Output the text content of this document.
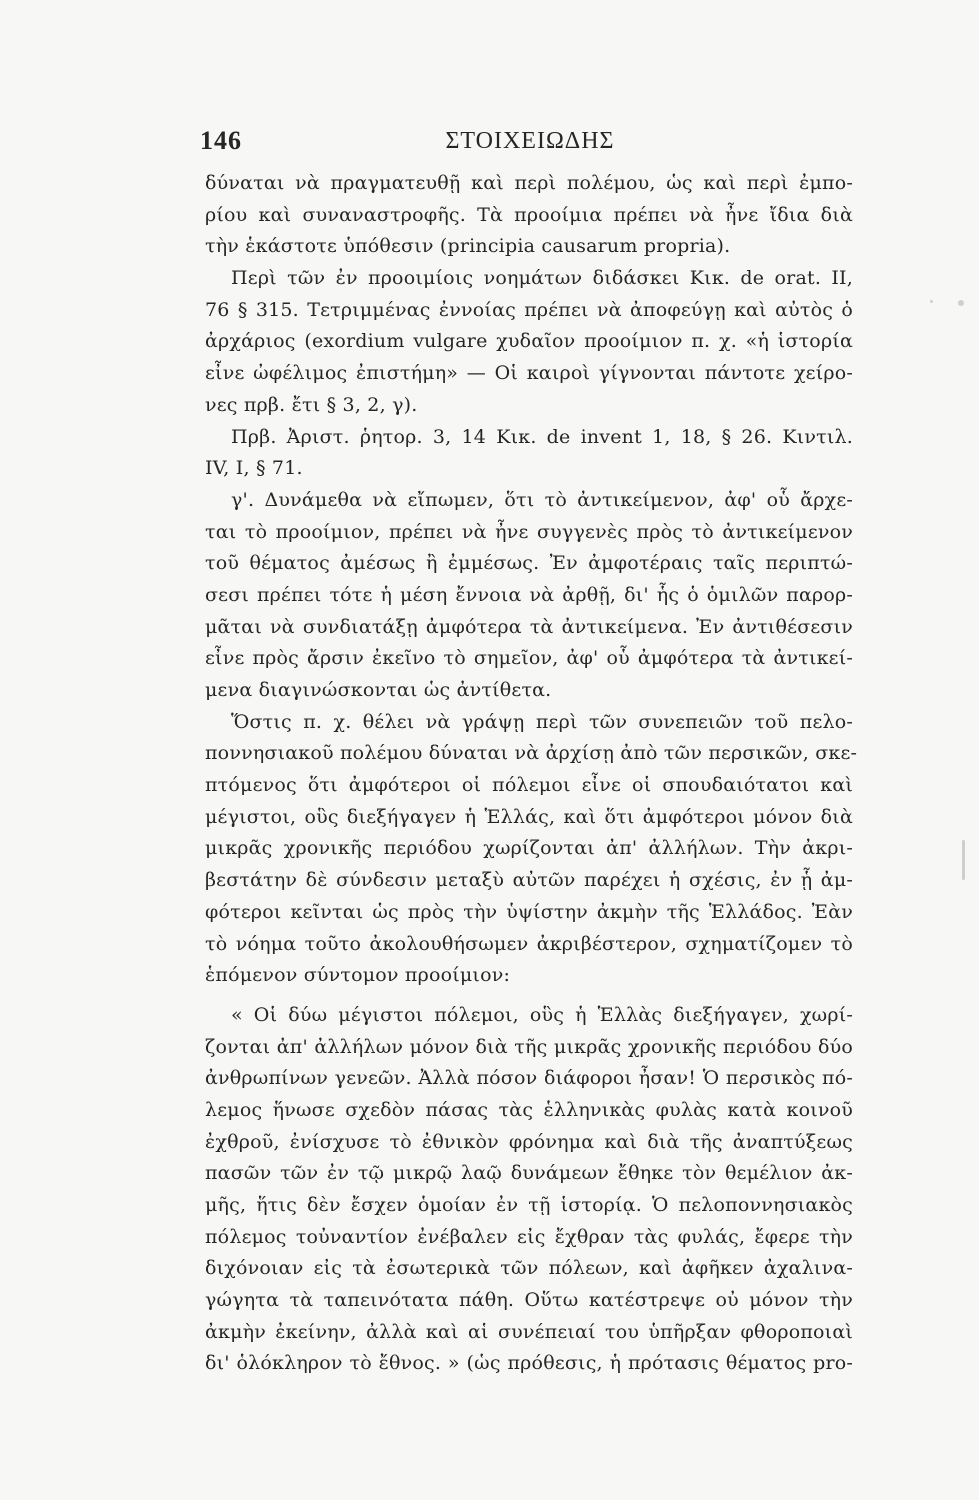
146	ΣΤΟΙΧΕΙΩΔΗΣ
δύναται νὰ πραγματευθῇ καὶ περὶ πολέμου, ὡς καὶ περὶ ἐμπο-
ρίου καὶ συναναστροφῆς. Τὰ προοίμια πρέπει νὰ ἦνε ἴδια διὰ
τὴν ἑκάστοτε ὑπόθεσιν (principia causarum propria).
Περὶ τῶν ἐν προοιμίοις νοημάτων διδάσκει Κικ. de orat. II,
76 § 315. Τετριμμένας ἐννοίας πρέπει νὰ ἀποφεύγῃ καὶ αὐτὸς ὁ
ἀρχάριος (exordium vulgare χυδαῖον προοίμιον π. χ. «ἡ ἱστορία
εἶνε ὠφέλιμος ἐπιστήμη» — Οἱ καιροὶ γίγνονται πάντοτε χείρο-
νες πρβ. ἔτι § 3, 2, γ).
Πρβ. Ἀριστ. ῥητορ. 3, 14 Κικ. de invent 1, 18, § 26. Κιντιλ.
IV, I, § 71.
γ'. Δυνάμεθα νὰ εἴπωμεν, ὅτι τὸ ἀντικείμενον, ἀφ' οὗ ἄρχε-
ται τὸ προοίμιον, πρέπει νὰ ἦνε συγγενὲς πρὸς τὸ ἀντικείμενον
τοῦ θέματος ἀμέσως ἢ ἐμμέσως. Ἐν ἀμφοτέραις ταῖς περιπτώ-
σεσι πρέπει τότε ἡ μέση ἔννοια νὰ ἀρθῇ, δι' ἧς ὁ ὁμιλῶν παρορ-
μᾶται νὰ συνδιατάξῃ ἀμφότερα τὰ ἀντικείμενα. Ἐν ἀντιθέσεσιν
εἶνε πρὸς ἄρσιν ἐκεῖνο τὸ σημεῖον, ἀφ' οὗ ἀμφότερα τὰ ἀντικεί-
μενα διαγινώσκονται ὡς ἀντίθετα.
Ὅστις π. χ. θέλει νὰ γράψῃ περὶ τῶν συνεπειῶν τοῦ πελο-
ποννησιακοῦ πολέμου δύναται νὰ ἀρχίσῃ ἀπὸ τῶν περσικῶν, σκε-
πτόμενος ὅτι ἀμφότεροι οἱ πόλεμοι εἶνε οἱ σπουδαιότατοι καὶ
μέγιστοι, οὓς διεξήγαγεν ἡ Ἑλλάς, καὶ ὅτι ἀμφότεροι μόνον διὰ
μικρᾶς χρονικῆς περιόδου χωρίζονται ἀπ' ἀλλήλων. Τὴν ἀκρι-
βεστάτην δὲ σύνδεσιν μεταξὺ αὐτῶν παρέχει ἡ σχέσις, ἐν ᾗ ἀμ-
φότεροι κεῖνται ὡς πρὸς τὴν ὑψίστην ἀκμὴν τῆς Ἑλλάδος. Ἐὰν
τὸ νόημα τοῦτο ἀκολουθήσωμεν ἀκριβέστερον, σχηματίζομεν τὸ
ἑπόμενον σύντομον προοίμιον:
« Οἱ δύω μέγιστοι πόλεμοι, οὓς ἡ Ἑλλὰς διεξήγαγεν, χωρί-
ζονται ἀπ' ἀλλήλων μόνον διὰ τῆς μικρᾶς χρονικῆς περιόδου δύο
ἀνθρωπίνων γενεῶν. Ἀλλὰ πόσον διάφοροι ἦσαν! Ὁ περσικὸς πό-
λεμος ἥνωσε σχεδὸν πάσας τὰς ἑλληνικὰς φυλὰς κατὰ κοινοῦ
ἐχθροῦ, ἐνίσχυσε τὸ ἐθνικὸν φρόνημα καὶ διὰ τῆς ἀναπτύξεως
πασῶν τῶν ἐν τῷ μικρῷ λαῷ δυνάμεων ἔθηκε τὸν θεμέλιον ἀκ-
μῆς, ἥτις δὲν ἔσχεν ὁμοίαν ἐν τῇ ἱστορίᾳ. Ὁ πελοποννησιακὸς
πόλεμος τοὐναντίον ἐνέβαλεν εἰς ἔχθραν τὰς φυλάς, ἔφερε τὴν
διχόνοιαν εἰς τὰ ἐσωτερικὰ τῶν πόλεων, καὶ ἀφῆκεν ἀχαλινα-
γώγητα τὰ ταπεινότατα πάθη. Οὕτω κατέστρεψε οὐ μόνον τὴν
ἀκμὴν ἐκείνην, ἀλλὰ καὶ αἱ συνέπειαί του ὑπῆρξαν φθοροποιαὶ
δι' ὁλόκληρον τὸ ἔθνος. » (ὡς πρόθεσις, ἡ πρότασις θέματος pro-
